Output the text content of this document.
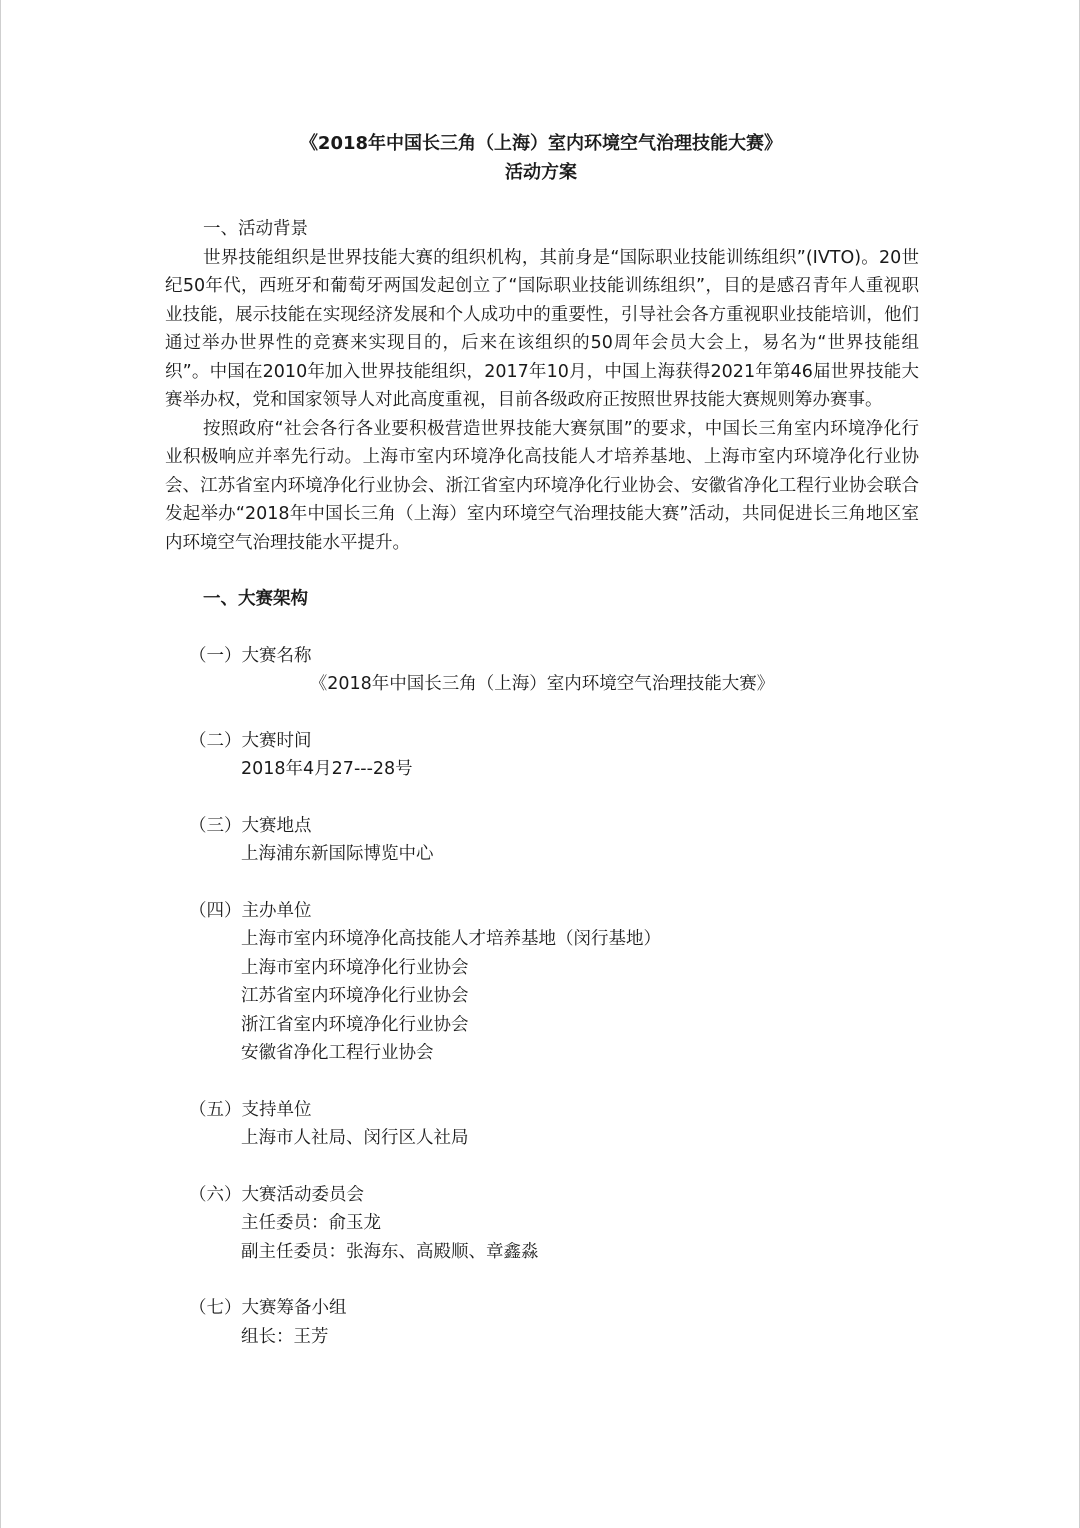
《2018年中国长三角（上海）室内环境空气治理技能大赛》
活动方案

一、活动背景

世界技能组织是世界技能大赛的组织机构，其前身是“国际职业技能训练组织”(IVTO)。20世纪50年代，西班牙和葡萄牙两国发起创立了“国际职业技能训练组织”，目的是感召青年人重视职业技能，展示技能在实现经济发展和个人成功中的重要性，引导社会各方重视职业技能培训，他们通过举办世界性的竞赛来实现目的，后来在该组织的50周年会员大会上，易名为“世界技能组织”。中国在2010年加入世界技能组织，2017年10月，中国上海获得2021年第46届世界技能大赛举办权，党和国家领导人对此高度重视，目前各级政府正按照世界技能大赛规则筹办赛事。

按照政府“社会各行各业要积极营造世界技能大赛氛围”的要求，中国长三角室内环境净化行业积极响应并率先行动。上海市室内环境净化高技能人才培养基地、上海市室内环境净化行业协会、江苏省室内环境净化行业协会、浙江省室内环境净化行业协会、安徽省净化工程行业协会联合发起举办“2018年中国长三角（上海）室内环境空气治理技能大赛”活动，共同促进长三角地区室内环境空气治理技能水平提升。

一、大赛架构

（一）大赛名称

《2018年中国长三角（上海）室内环境空气治理技能大赛》

（二）大赛时间

2018年4月27---28号

（三）大赛地点

上海浦东新国际博览中心

（四）主办单位

上海市室内环境净化高技能人才培养基地（闵行基地）

上海市室内环境净化行业协会

江苏省室内环境净化行业协会

浙江省室内环境净化行业协会

安徽省净化工程行业协会

（五）支持单位

上海市人社局、闵行区人社局

（六）大赛活动委员会

主任委员：俞玉龙

副主任委员：张海东、高殿顺、章鑫淼

（七）大赛筹备小组

组长：王芳
